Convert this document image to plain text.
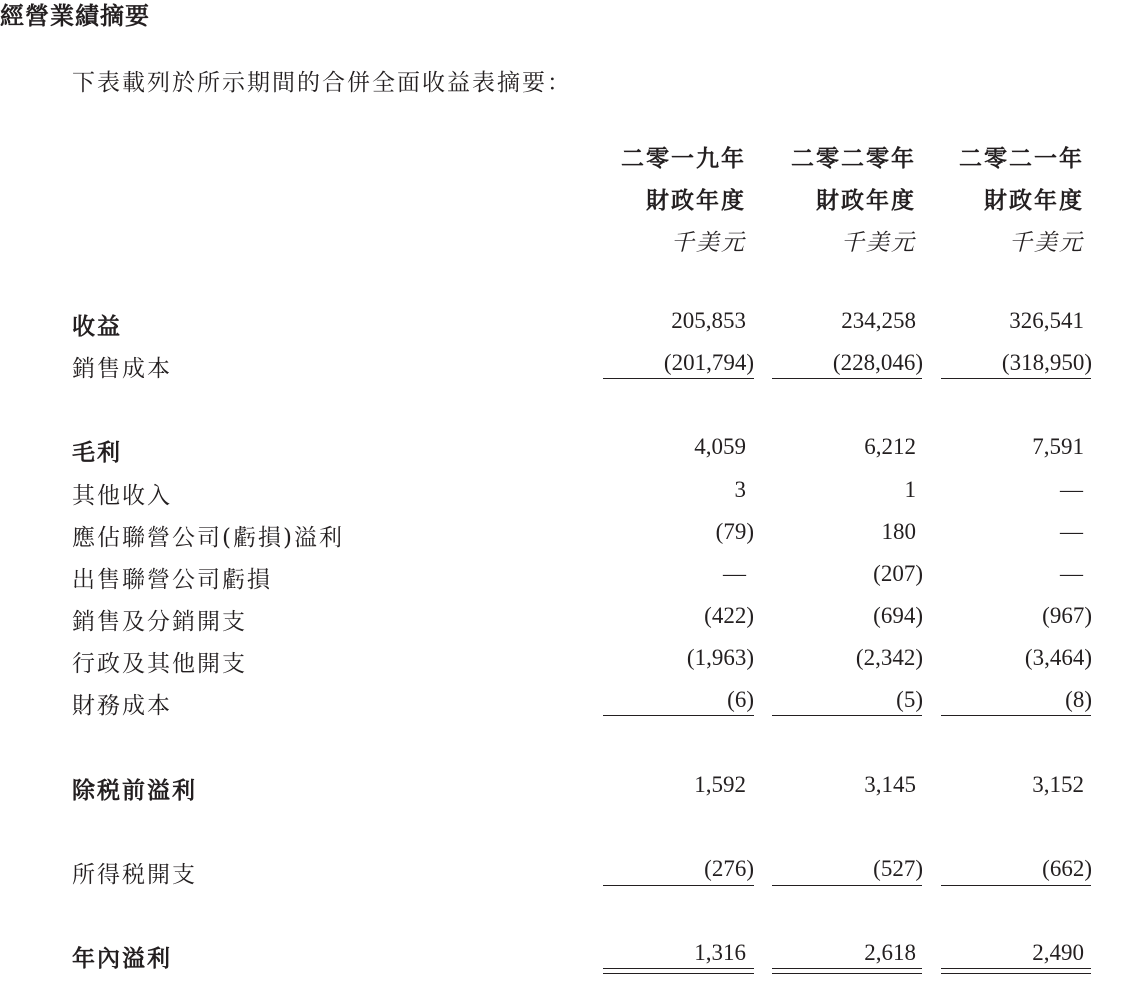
經營業績摘要
下表載列於所示期間的合併全面收益表摘要：
二零一九年	二零二零年	二零二一年
財政年度	財政年度	財政年度
千美元	千美元	千美元
收益	205,853	234,258	326,541
銷售成本	(201,794)	(228,046)	(318,950)
毛利	4,059	6,212	7,591
其他收入	3	1	—
應佔聯營公司(虧損)溢利	(79)	180	—
出售聯營公司虧損	—	(207)	—
銷售及分銷開支	(422)	(694)	(967)
行政及其他開支	(1,963)	(2,342)	(3,464)
財務成本	(6)	(5)	(8)
除税前溢利	1,592	3,145	3,152
所得税開支	(276)	(527)	(662)
年內溢利	1,316	2,618	2,490
